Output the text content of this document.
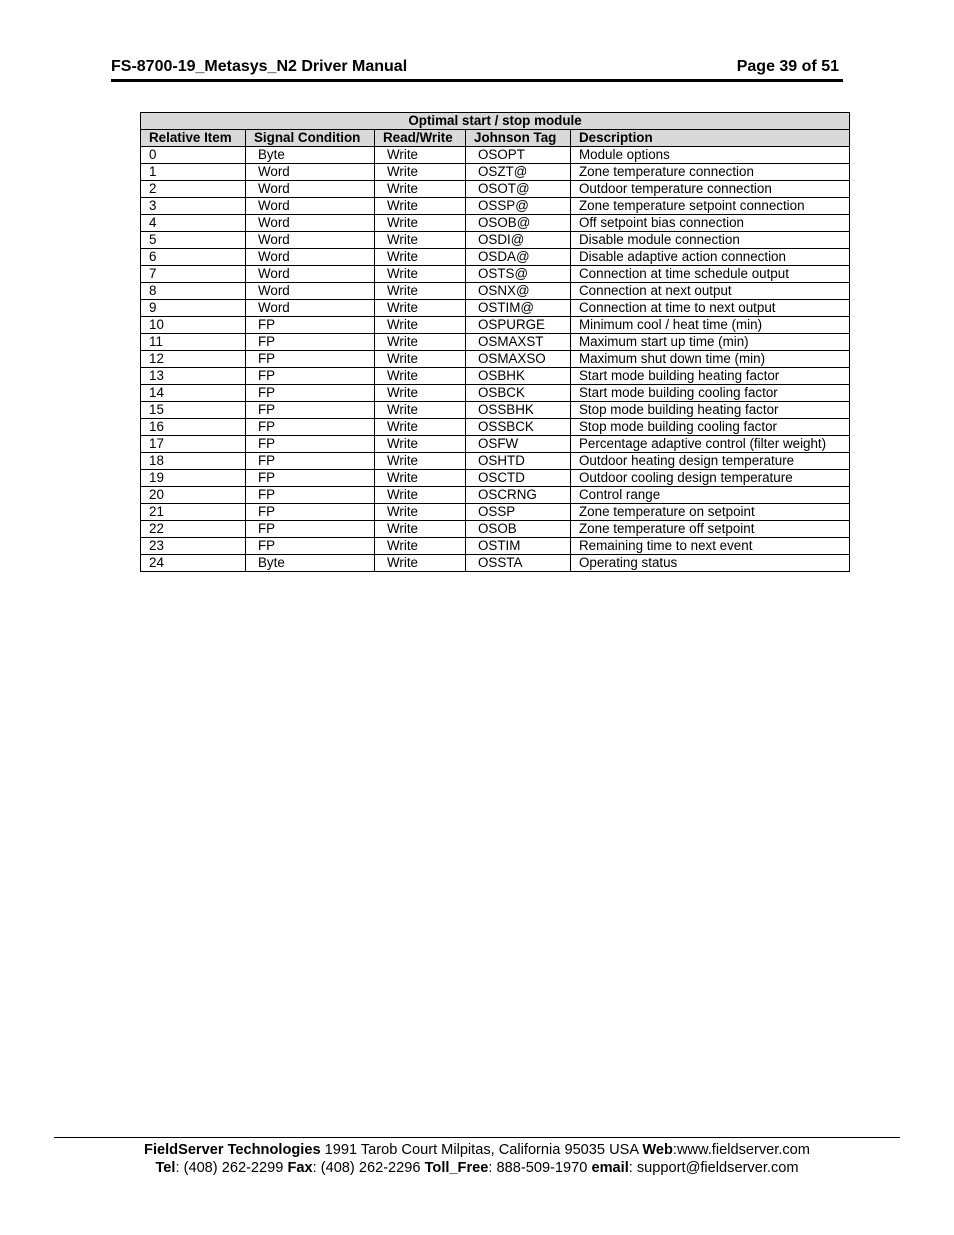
FS-8700-19_Metasys_N2 Driver Manual	Page 39 of 51
Optimal start / stop module				
Relative Item	Signal Condition	Read/Write	Johnson Tag	Description
0	Byte	Write	OSOPT	Module options
1	Word	Write	OSZT@	Zone temperature connection
2	Word	Write	OSOT@	Outdoor temperature connection
3	Word	Write	OSSP@	Zone temperature setpoint connection
4	Word	Write	OSOB@	Off setpoint bias connection
5	Word	Write	OSDI@	Disable module connection
6	Word	Write	OSDA@	Disable adaptive action connection
7	Word	Write	OSTS@	Connection at time schedule output
8	Word	Write	OSNX@	Connection at next output
9	Word	Write	OSTIM@	Connection at time to next output
10	FP	Write	OSPURGE	Minimum cool / heat time (min)
11	FP	Write	OSMAXST	Maximum start up time (min)
12	FP	Write	OSMAXSO	Maximum shut down time (min)
13	FP	Write	OSBHK	Start mode building heating factor
14	FP	Write	OSBCK	Start mode building cooling factor
15	FP	Write	OSSBHK	Stop mode building heating factor
16	FP	Write	OSSBCK	Stop mode building cooling factor
17	FP	Write	OSFW	Percentage adaptive control (filter weight)
18	FP	Write	OSHTD	Outdoor heating design temperature
19	FP	Write	OSCTD	Outdoor cooling design temperature
20	FP	Write	OSCRNG	Control range
21	FP	Write	OSSP	Zone temperature on setpoint
22	FP	Write	OSOB	Zone temperature off setpoint
23	FP	Write	OSTIM	Remaining time to next event
24	Byte	Write	OSSTA	Operating status
FieldServer Technologies 1991 Tarob Court Milpitas, California 95035 USA Web:www.fieldserver.com
Tel: (408) 262-2299 Fax: (408) 262-2296 Toll_Free: 888-509-1970 email: support@fieldserver.com
